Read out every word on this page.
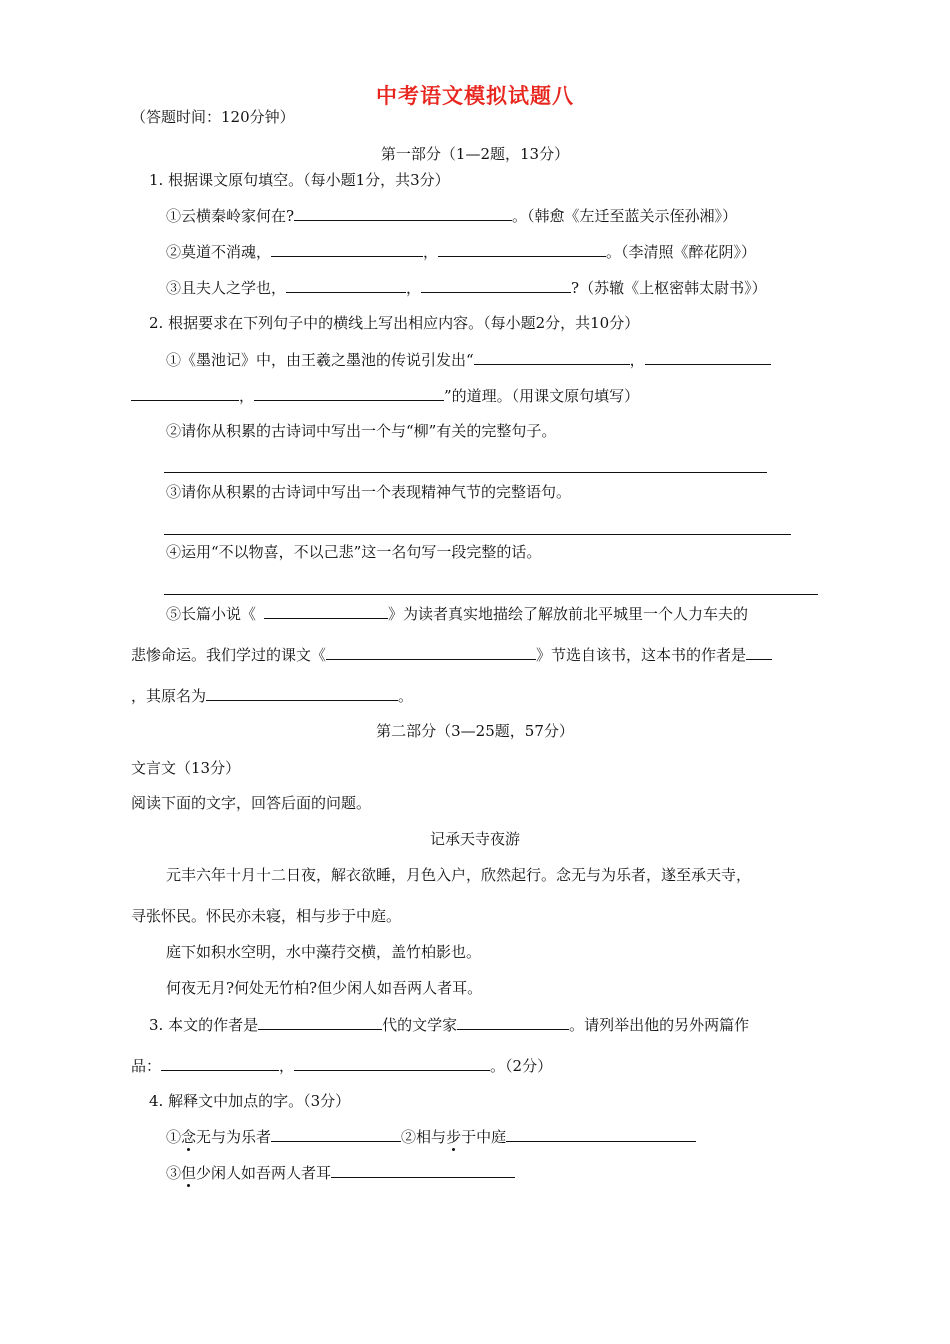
中考语文模拟试题八
（答题时间：120分钟）
第一部分（1—2题，13分）
1. 根据课文原句填空。（每小题1分，共3分）
①云横秦岭家何在?	。（韩愈《左迁至蓝关示侄孙湘》）
②莫道不消魂，	，	。（李清照《醉花阴》）
③且夫人之学也，	，	?（苏辙《上枢密韩太尉书》）
2. 根据要求在下列句子中的横线上写出相应内容。（每小题2分，共10分）
①《墨池记》中，由王羲之墨池的传说引发出“	，
，	”的道理。（用课文原句填写）
②请你从积累的古诗词中写出一个与“柳”有关的完整句子。
③请你从积累的古诗词中写出一个表现精神气节的完整语句。
④运用“不以物喜，不以己悲”这一名句写一段完整的话。
⑤长篇小说《	》为读者真实地描绘了解放前北平城里一个人力车夫的
悲惨命运。我们学过的课文《	》节选自该书，这本书的作者是
，其原名为	。
第二部分（3—25题，57分）
文言文（13分）
阅读下面的文字，回答后面的问题。
记承天寺夜游
元丰六年十月十二日夜，解衣欲睡，月色入户，欣然起行。念无与为乐者，遂至承天寺，
寻张怀民。怀民亦未寝，相与步于中庭。
庭下如积水空明，水中藻荇交横，盖竹柏影也。
何夜无月?何处无竹柏?但少闲人如吾两人者耳。
3. 本文的作者是	代的文学家	。请列举出他的另外两篇作
品：	，	。（2分）
4. 解释文中加点的字。（3分）
①念无与为乐者	②相与步于中庭
③但少闲人如吾两人者耳
